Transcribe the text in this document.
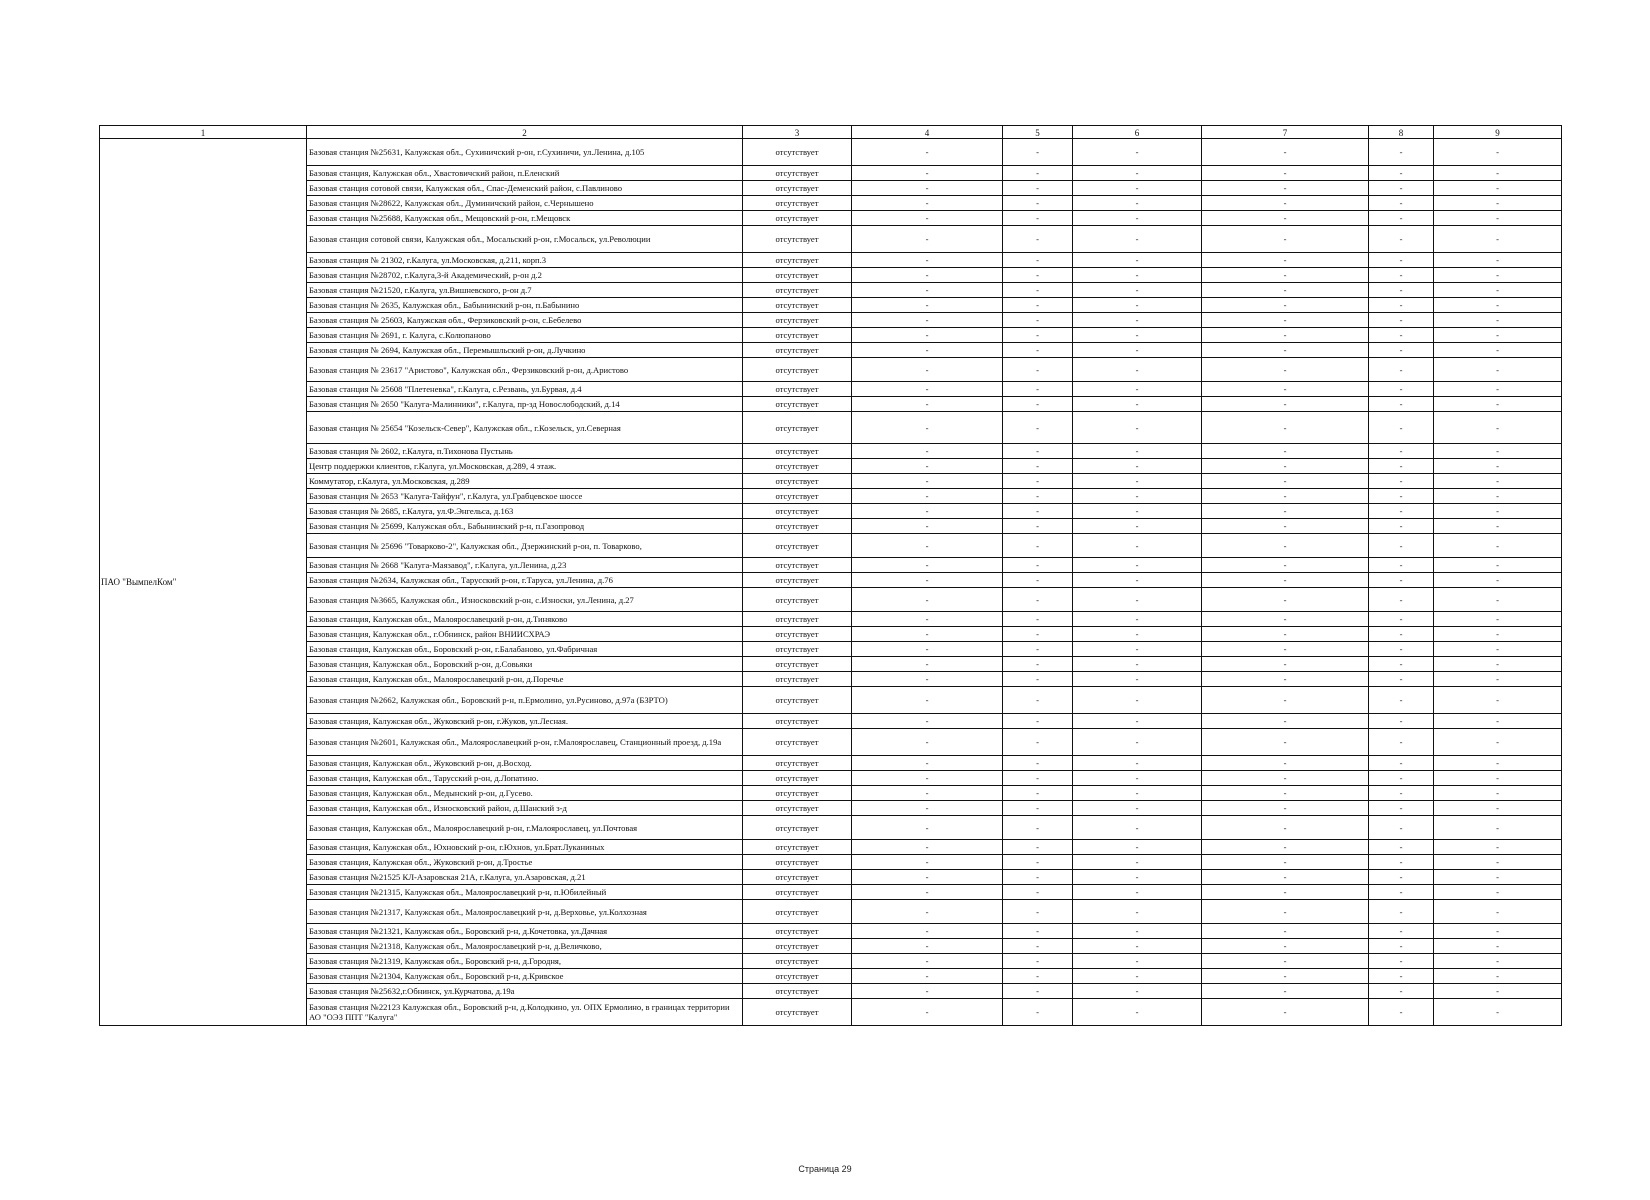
1	2	3	4	5	6	7	8	9
ПАО "ВымпелКом"	Базовая станция №25631, Калужская обл., Сухиничский р-он, г.Сухиничи, ул.Ленина, д.105	отсутствует	-	-	-	-	-	-
	Базовая станция, Калужская обл., Хвастовичский район, п.Еленский	отсутствует	-	-	-	-	-	-
	Базовая станция сотовой связи, Калужская обл., Спас-Деменский район, с.Павлиново	отсутствует	-	-	-	-	-	-
	Базовая станция №28622, Калужская обл., Думиничский район, с.Чернышено	отсутствует	-	-	-	-	-	-
	Базовая станция №25688, Калужская обл., Мещовский р-он, г.Мещовск	отсутствует	-	-	-	-	-	-
	Базовая станция сотовой связи, Калужская обл., Мосальский р-он, г.Мосальск, ул.Революции	отсутствует	-	-	-	-	-	-
	Базовая станция № 21302, г.Калуга, ул.Московская, д.211, корп.3	отсутствует	-	-	-	-	-	-
	Базовая станция №28702, г.Калуга,3-й Академический, р-он д.2	отсутствует	-	-	-	-	-	-
	Базовая станция №21520, г.Калуга, ул.Вишневского, р-он д.7	отсутствует	-	-	-	-	-	-
	Базовая станция № 2635, Калужская обл., Бабынинский р-он, п.Бабынино	отсутствует	-	-	-	-	-	-
	Базовая станция № 25603, Калужская обл., Ферзиковский р-он, с.Бебелево	отсутствует	-	-	-	-	-	-
	Базовая станция № 2691, г. Калуга, с.Колюпаново	отсутствует	-	-	-	-	-	-
	Базовая станция № 2694, Калужская обл., Перемышльский р-он, д.Лучкино	отсутствует	-	-	-	-	-	-
	Базовая станция № 23617 "Аристово", Калужская обл., Ферзиковский р-он, д.Аристово	отсутствует	-	-	-	-	-	-
	Базовая станция № 25608 "Плетеневка", г.Калуга, с.Резвань, ул.Бурвая, д.4	отсутствует	-	-	-	-	-	-
	Базовая станция № 2650 "Калуга-Малинники", г.Калуга, пр-зд Новослободский, д.14	отсутствует	-	-	-	-	-	-
	Базовая станция № 25654 "Козельск-Север", Калужская обл., г.Козельск, ул.Северная	отсутствует	-	-	-	-	-	-
	Базовая станция № 2602, г.Калуга, п.Тихонова Пустынь	отсутствует	-	-	-	-	-	-
	Центр поддержки клиентов, г.Калуга, ул.Московская, д.289, 4 этаж.	отсутствует	-	-	-	-	-	-
	Коммутатор, г.Калуга, ул.Московская, д.289	отсутствует	-	-	-	-	-	-
	Базовая станция № 2653 "Калуга-Тайфун", г.Калуга, ул.Грабцевское шоссе	отсутствует	-	-	-	-	-	-
	Базовая станция № 2685, г.Калуга, ул.Ф.Энгельса, д.163	отсутствует	-	-	-	-	-	-
	Базовая станция № 25699, Калужская обл., Бабынинский р-н, п.Газопровод	отсутствует	-	-	-	-	-	-
	Базовая станция № 25696 "Товарково-2", Калужская обл., Дзержинский р-он, п. Товарково,	отсутствует	-	-	-	-	-	-
	Базовая станция № 2668 "Калуга-Маязавод", г.Калуга, ул.Ленина, д.23	отсутствует	-	-	-	-	-	-
	Базовая станция №2634, Калужская обл., Тарусский р-он, г.Таруса, ул.Ленина, д.76	отсутствует	-	-	-	-	-	-
	Базовая станция №3665, Калужская обл., Износковский р-он, с.Износки, ул.Ленина, д.27	отсутствует	-	-	-	-	-	-
	Базовая станция, Калужская обл., Малоярославецкий р-он, д.Тиняково	отсутствует	-	-	-	-	-	-
	Базовая станция, Калужская обл., г.Обнинск, район ВНИИСХРАЭ	отсутствует	-	-	-	-	-	-
	Базовая станция, Калужская обл., Боровский р-он, г.Балабаново, ул.Фабричная	отсутствует	-	-	-	-	-	-
	Базовая станция, Калужская обл., Боровский р-он, д.Совьяки	отсутствует	-	-	-	-	-	-
	Базовая станция, Калужская обл., Малоярославецкий р-он, д.Поречье	отсутствует	-	-	-	-	-	-
	Базовая станция №2662, Калужская обл., Боровский р-н, п.Ермолино, ул.Русиново, д.97а (БЗРТО)	отсутствует	-	-	-	-	-	-
	Базовая станция, Калужская обл., Жуковский р-он, г.Жуков, ул.Лесная.	отсутствует	-	-	-	-	-	-
	Базовая станция №2601, Калужская обл., Малоярославецкий р-он, г.Малоярославец, Станционный проезд, д.19а	отсутствует	-	-	-	-	-	-
	Базовая станция, Калужская обл., Жуковский р-он, д.Восход.	отсутствует	-	-	-	-	-	-
	Базовая станция, Калужская обл., Тарусский р-он, д.Лопатино.	отсутствует	-	-	-	-	-	-
	Базовая станция, Калужская обл., Медынский р-он, д.Гусево.	отсутствует	-	-	-	-	-	-
	Базовая станция, Калужская обл., Износковский район, д.Шанский з-д	отсутствует	-	-	-	-	-	-
	Базовая станция, Калужская обл., Малоярославецкий р-он, г.Малоярославец, ул.Почтовая	отсутствует	-	-	-	-	-	-
	Базовая станция, Калужская обл., Юхновский р-он, г.Юхнов, ул.Брат.Луканиных	отсутствует	-	-	-	-	-	-
	Базовая станция, Калужская обл., Жуковский р-он, д.Тростье	отсутствует	-	-	-	-	-	-
	Базовая станция №21525 КЛ-Азаровская 21А, г.Калуга, ул.Азаровская, д.21	отсутствует	-	-	-	-	-	-
	Базовая станция №21315, Калужская обл., Малоярославецкий р-н, п.Юбилейный	отсутствует	-	-	-	-	-	-
	Базовая станция №21317, Калужская обл., Малоярославецкий р-н, д.Верховье, ул.Колхозная	отсутствует	-	-	-	-	-	-
	Базовая станция №21321, Калужская обл., Боровский р-н, д.Кочетовка, ул.Дачная	отсутствует	-	-	-	-	-	-
	Базовая станция №21318, Калужская обл., Малоярославецкий р-н, д.Величково,	отсутствует	-	-	-	-	-	-
	Базовая станция №21319, Калужская обл., Боровский р-н, д.Городня,	отсутствует	-	-	-	-	-	-
	Базовая станция №21304, Калужская обл., Боровский р-н, д.Кривское	отсутствует	-	-	-	-	-	-
	Базовая станция №25632,г.Обнинск, ул.Курчатова, д.19а	отсутствует	-	-	-	-	-	-
	Базовая станция №22123 Калужская обл., Боровский р-н, д.Колодкино, ул. ОПХ Ермолино, в границах территории АО "ОЭЗ ППТ "Калуга"	отсутствует	-	-	-	-	-	-
Страница 29
